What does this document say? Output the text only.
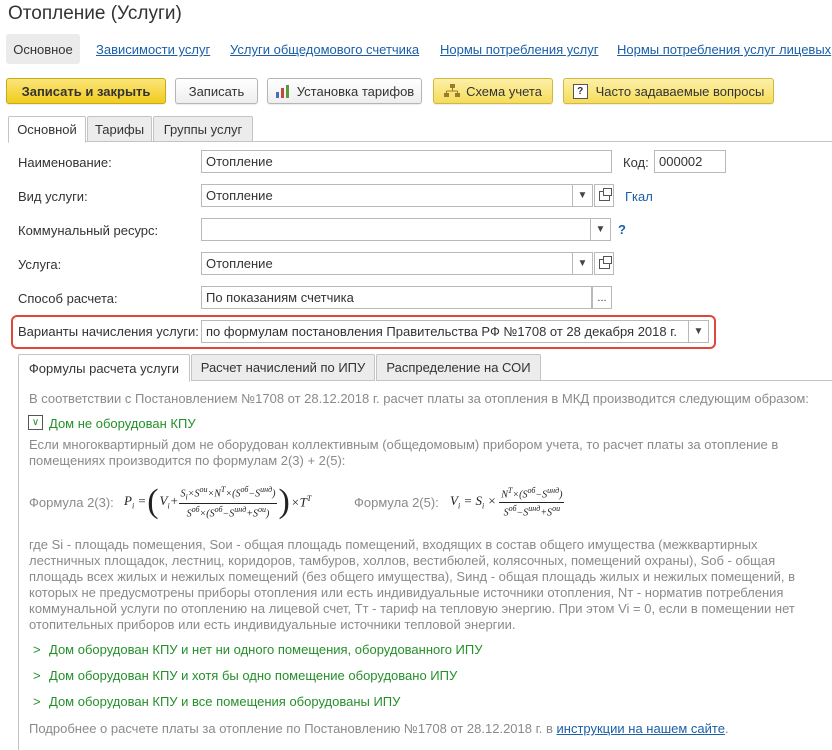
Отопление (Услуги)
Основное	Зависимости услуг Услуги общедомового счетчика Нормы потребления услуг Нормы потребления услуг лицевых
Записать и закрыть	Записать	Установка тарифов	Схема учета	? Часто задаваемые вопросы
Основной	Тарифы	Группы услуг
Наименование:
Отопление	Код:
000002
Вид услуги:
Отопление	▼	Гкал
Коммунальный ресурс:	▼ ?
Услуга:
Отопление	▼
Способ расчета:
По показаниям счетчика	...
Варианты начисления услуги:
по формулам постановления Правительства РФ №1708 от 28 декабря 2018 г.	▼
Формулы расчета услуги	Расчет начислений по ИПУ	Распределение на СОИ
В соответствии с Постановлением №1708 от 28.12.2018 г. расчет платы за отопления в МКД производится следующим образом:
∨ Дом не оборудован КПУ
Если многоквартирный дом не оборудован коллективным (общедомовым) прибором учета, то расчет платы за отопление в помещениях производится по формулам 2(3) + 2(5):
Формула 2(3): $P_i$ = ( $V_i+ \frac{S_i\times S^{ои}\times N^T\times(S^{об}-S^{инд})}{S^{об}\times(S^{об}-S^{инд}+S^{ои})}$ ) $\times T^T$	Формула 2(5): $V_i = S_i \times \frac{N^T\times(S^{об}-S^{инд})}{S^{об}-S^{инд}+S^{ои}}$
где Si - площадь помещения, Soи - общая площадь помещений, входящих в состав общего имущества (межквартирных лестничных площадок, лестниц, коридоров, тамбуров, холлов, вестибюлей, колясочных, помещений охраны), Sоб - общая площадь всех жилых и нежилых помещений (без общего имущества), Sинд - общая площадь жилых и нежилых помещений, в которых не предусмотрены приборы отопления или есть индивидуальные источники отопления, Nт - норматив потребления коммунальной услуги по отоплению на лицевой счет, Тт - тариф на тепловую энергию. При этом Vi = 0, если в помещении нет отопительных приборов или есть индивидуальные источники тепловой энергии.
> Дом оборудован КПУ и нет ни одного помещения, оборудованного ИПУ
> Дом оборудован КПУ и хотя бы одно помещение оборудовано ИПУ
> Дом оборудован КПУ и все помещения оборудованы ИПУ
Подробнее о расчете платы за отопление по Постановлению №1708 от 28.12.2018 г. в инструкции на нашем сайте.
